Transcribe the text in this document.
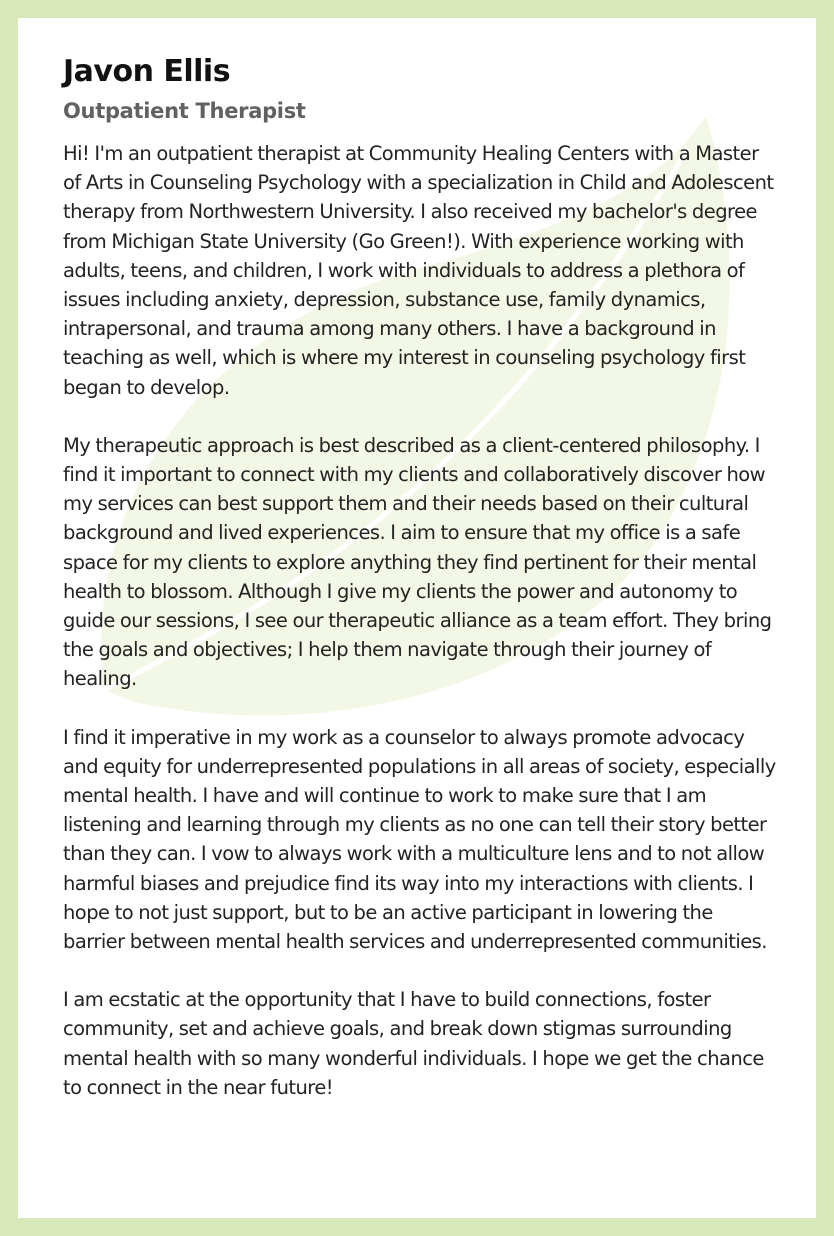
Javon Ellis
Outpatient Therapist

Hi! I'm an outpatient therapist at Community Healing Centers with a Master of Arts in Counseling Psychology with a specialization in Child and Adolescent therapy from Northwestern University. I also received my bachelor's degree from Michigan State University (Go Green!). With experience working with adults, teens, and children, I work with individuals to address a plethora of issues including anxiety, depression, substance use, family dynamics, intrapersonal, and trauma among many others. I have a background in teaching as well, which is where my interest in counseling psychology first began to develop.

My therapeutic approach is best described as a client-centered philosophy. I find it important to connect with my clients and collaboratively discover how my services can best support them and their needs based on their cultural background and lived experiences. I aim to ensure that my office is a safe space for my clients to explore anything they find pertinent for their mental health to blossom. Although I give my clients the power and autonomy to guide our sessions, I see our therapeutic alliance as a team effort. They bring the goals and objectives; I help them navigate through their journey of healing.

I find it imperative in my work as a counselor to always promote advocacy and equity for underrepresented populations in all areas of society, especially mental health. I have and will continue to work to make sure that I am listening and learning through my clients as no one can tell their story better than they can. I vow to always work with a multiculture lens and to not allow harmful biases and prejudice find its way into my interactions with clients. I hope to not just support, but to be an active participant in lowering the barrier between mental health services and underrepresented communities.

I am ecstatic at the opportunity that I have to build connections, foster community, set and achieve goals, and break down stigmas surrounding mental health with so many wonderful individuals. I hope we get the chance to connect in the near future!
